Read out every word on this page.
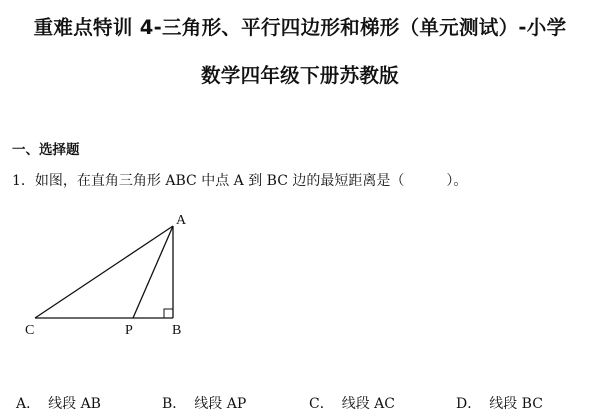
重难点特训 4-三角形、平行四边形和梯形（单元测试）-小学
数学四年级下册苏教版
一、选择题
1．如图，在直角三角形 ABC 中点 A 到 BC 边的最短距离是（　　　）。
A
C	P	B
A． 线段 AB	B． 线段 AP	C． 线段 AC	D． 线段 BC
